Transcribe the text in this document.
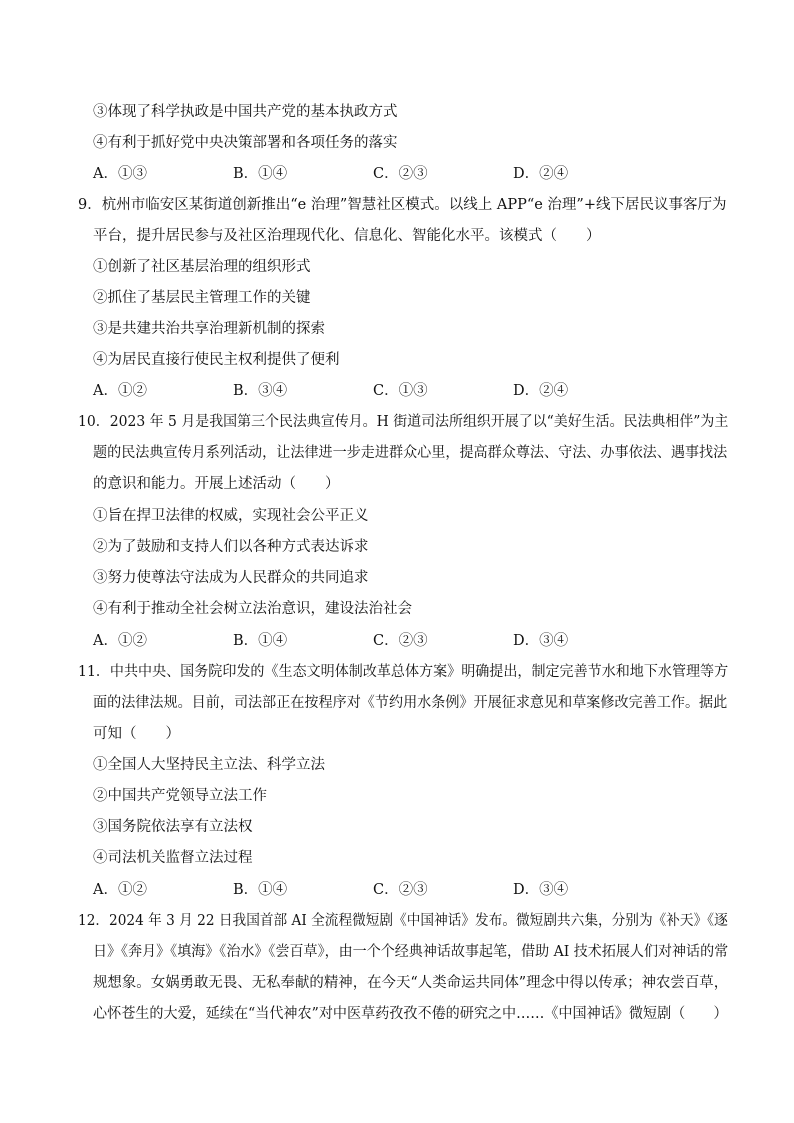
③体现了科学执政是中国共产党的基本执政方式
④有利于抓好党中央决策部署和各项任务的落实
A．①③	B．①④	C．②③	D．②④
9．杭州市临安区某街道创新推出“e 治理”智慧社区模式。以线上 APP“e 治理”+线下居民议事客厅为
平台，提升居民参与及社区治理现代化、信息化、智能化水平。该模式（　　）
①创新了社区基层治理的组织形式
②抓住了基层民主管理工作的关键
③是共建共治共享治理新机制的探索
④为居民直接行使民主权利提供了便利
A．①②	B．③④	C．①③	D．②④
10．2023 年 5 月是我国第三个民法典宣传月。H 街道司法所组织开展了以“美好生活。民法典相伴”为主
题的民法典宣传月系列活动，让法律进一步走进群众心里，提高群众尊法、守法、办事依法、遇事找法
的意识和能力。开展上述活动（　　）
①旨在捍卫法律的权威，实现社会公平正义
②为了鼓励和支持人们以各种方式表达诉求
③努力使尊法守法成为人民群众的共同追求
④有利于推动全社会树立法治意识，建设法治社会
A．①②	B．①④	C．②③	D．③④
11．中共中央、国务院印发的《生态文明体制改革总体方案》明确提出，制定完善节水和地下水管理等方
面的法律法规。目前，司法部正在按程序对《节约用水条例》开展征求意见和草案修改完善工作。据此
可知（　　）
①全国人大坚持民主立法、科学立法
②中国共产党领导立法工作
③国务院依法享有立法权
④司法机关监督立法过程
A．①②	B．①④	C．②③	D．③④
12．2024 年 3 月 22 日我国首部 AI 全流程微短剧《中国神话》发布。微短剧共六集，分别为《补天》《逐
日》《奔月》《填海》《治水》《尝百草》，由一个个经典神话故事起笔，借助 AI 技术拓展人们对神话的常
规想象。女娲勇敢无畏、无私奉献的精神，在今天“人类命运共同体”理念中得以传承；神农尝百草，
心怀苍生的大爱，延续在“当代神农”对中医草药孜孜不倦的研究之中……《中国神话》微短剧（　　）
